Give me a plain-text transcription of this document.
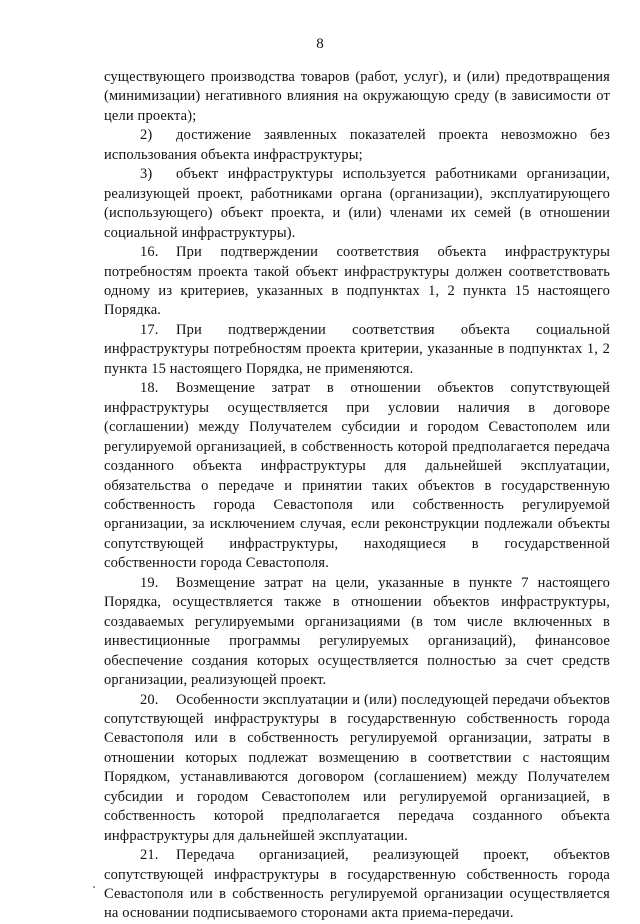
8

существующего производства товаров (работ, услуг), и (или) предотвращения (минимизации) негативного влияния на окружающую среду (в зависимости от цели проекта);

2) достижение заявленных показателей проекта невозможно без использования объекта инфраструктуры;

3) объект инфраструктуры используется работниками организации, реализующей проект, работниками органа (организации), эксплуатирующего (использующего) объект проекта, и (или) членами их семей (в отношении социальной инфраструктуры).

16. При подтверждении соответствия объекта инфраструктуры потребностям проекта такой объект инфраструктуры должен соответствовать одному из критериев, указанных в подпунктах 1, 2 пункта 15 настоящего Порядка.

17. При подтверждении соответствия объекта социальной инфраструктуры потребностям проекта критерии, указанные в подпунктах 1, 2 пункта 15 настоящего Порядка, не применяются.

18. Возмещение затрат в отношении объектов сопутствующей инфраструктуры осуществляется при условии наличия в договоре (соглашении) между Получателем субсидии и городом Севастополем или регулируемой организацией, в собственность которой предполагается передача созданного объекта инфраструктуры для дальнейшей эксплуатации, обязательства о передаче и принятии таких объектов в государственную собственность города Севастополя или собственность регулируемой организации, за исключением случая, если реконструкции подлежали объекты сопутствующей инфраструктуры, находящиеся в государственной собственности города Севастополя.

19. Возмещение затрат на цели, указанные в пункте 7 настоящего Порядка, осуществляется также в отношении объектов инфраструктуры, создаваемых регулируемыми организациями (в том числе включенных в инвестиционные программы регулируемых организаций), финансовое обеспечение создания которых осуществляется полностью за счет средств организации, реализующей проект.

20. Особенности эксплуатации и (или) последующей передачи объектов сопутствующей инфраструктуры в государственную собственность города Севастополя или в собственность регулируемой организации, затраты в отношении которых подлежат возмещению в соответствии с настоящим Порядком, устанавливаются договором (соглашением) между Получателем субсидии и городом Севастополем или регулируемой организацией, в собственность которой предполагается передача созданного объекта инфраструктуры для дальнейшей эксплуатации.

21. Передача организацией, реализующей проект, объектов сопутствующей инфраструктуры в государственную собственность города Севастополя или в собственность регулируемой организации осуществляется на основании подписываемого сторонами акта приема-передачи.
